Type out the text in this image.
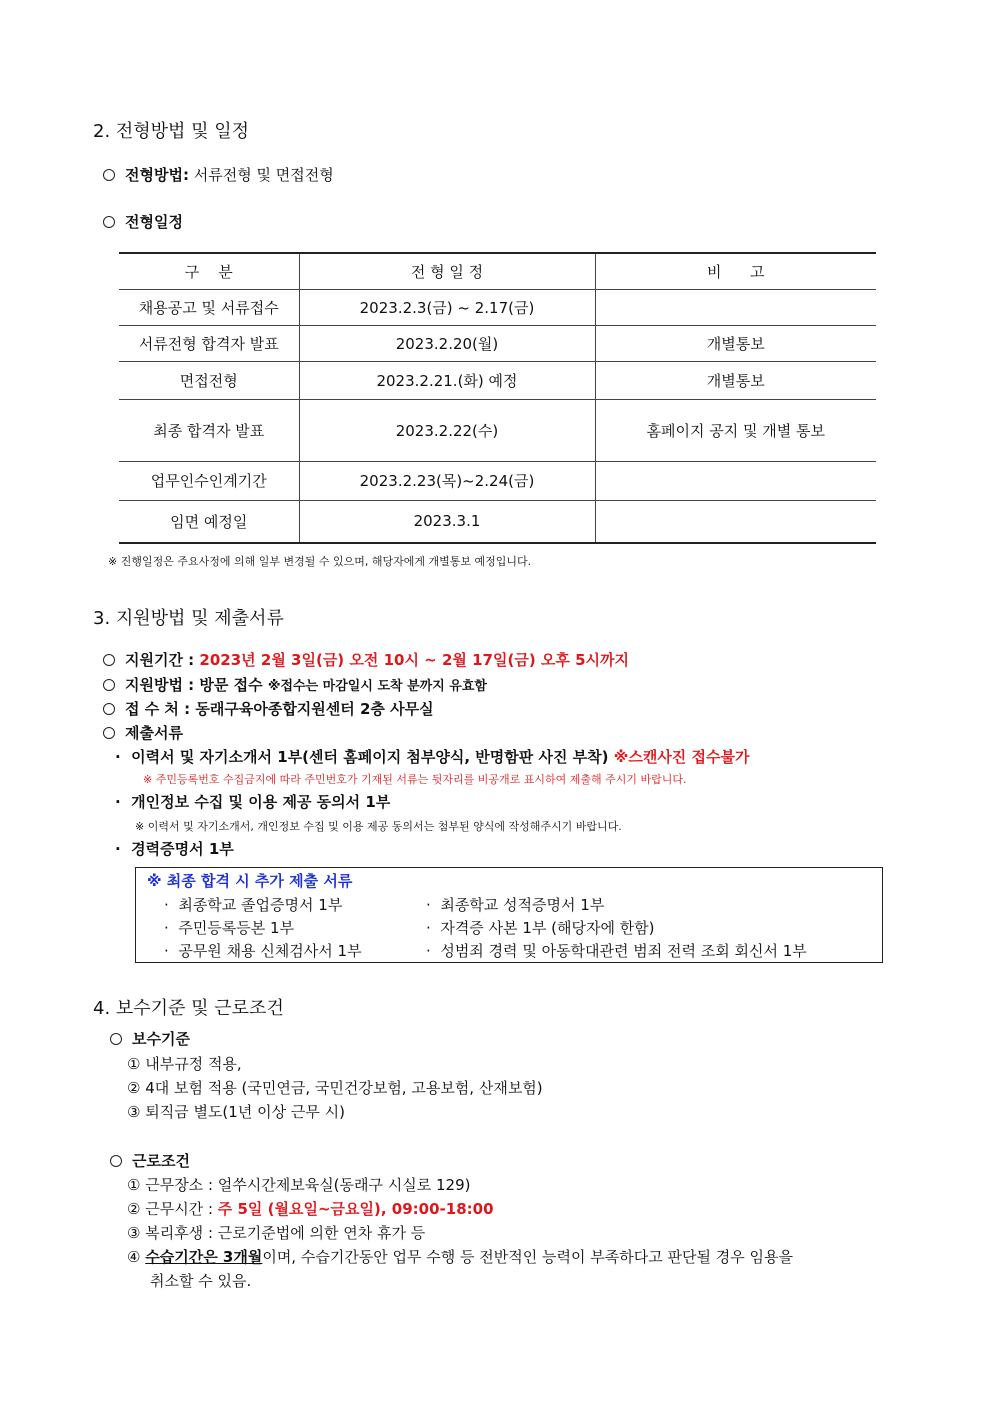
2. 전형방법 및 일정
전형방법: 서류전형 및 면접전형
전형일정
구    분	전 형 일 정	비      고
채용공고 및 서류접수	2023.2.3(금) ~ 2.17(금)	
서류전형 합격자 발표	2023.2.20(월)	개별통보
면접전형	2023.2.21.(화) 예정	개별통보
최종 합격자 발표	2023.2.22(수)	홈페이지 공지 및 개별 통보
업무인수인계기간	2023.2.23(목)~2.24(금)	
임면 예정일	2023.3.1	
※ 진행일정은 주요사정에 의해 일부 변경될 수 있으며, 해당자에게 개별통보 예정입니다.
3. 지원방법 및 제출서류
지원기간 : 2023년 2월 3일(금) 오전 10시 ~ 2월 17일(금) 오후 5시까지
지원방법 : 방문 접수 ※접수는 마감일시 도착 분까지 유효함
접 수 처 : 동래구육아종합지원센터 2층 사무실
제출서류
· 이력서 및 자기소개서 1부(센터 홈페이지 첨부양식, 반명함판 사진 부착) ※스캔사진 접수불가
※ 주민등록번호 수집금지에 따라 주민번호가 기재된 서류는 뒷자리를 비공개로 표시하여 제출해 주시기 바랍니다.
· 개인정보 수집 및 이용 제공 동의서 1부
※ 이력서 및 자기소개서, 개인정보 수집 및 이용 제공 동의서는 첨부된 양식에 작성해주시기 바랍니다.
· 경력증명서 1부
※ 최종 합격 시 추가 제출 서류
· 최종학교 졸업증명서 1부	· 최종학교 성적증명서 1부
· 주민등록등본 1부	· 자격증 사본 1부 (해당자에 한함)
· 공무원 채용 신체검사서 1부	· 성범죄 경력 및 아동학대관련 범죄 전력 조회 회신서 1부
4. 보수기준 및 근로조건
보수기준
① 내부규정 적용,
② 4대 보험 적용 (국민연금, 국민건강보험, 고용보험, 산재보험)
③ 퇴직금 별도(1년 이상 근무 시)
근로조건
① 근무장소 : 얼쑤시간제보육실(동래구 시실로 129)
② 근무시간 : 주 5일 (월요일~금요일), 09:00-18:00
③ 복리후생 : 근로기준법에 의한 연차 휴가 등
④ 수습기간은 3개월이며, 수습기간동안 업무 수행 등 전반적인 능력이 부족하다고 판단될 경우 임용을
취소할 수 있음.
